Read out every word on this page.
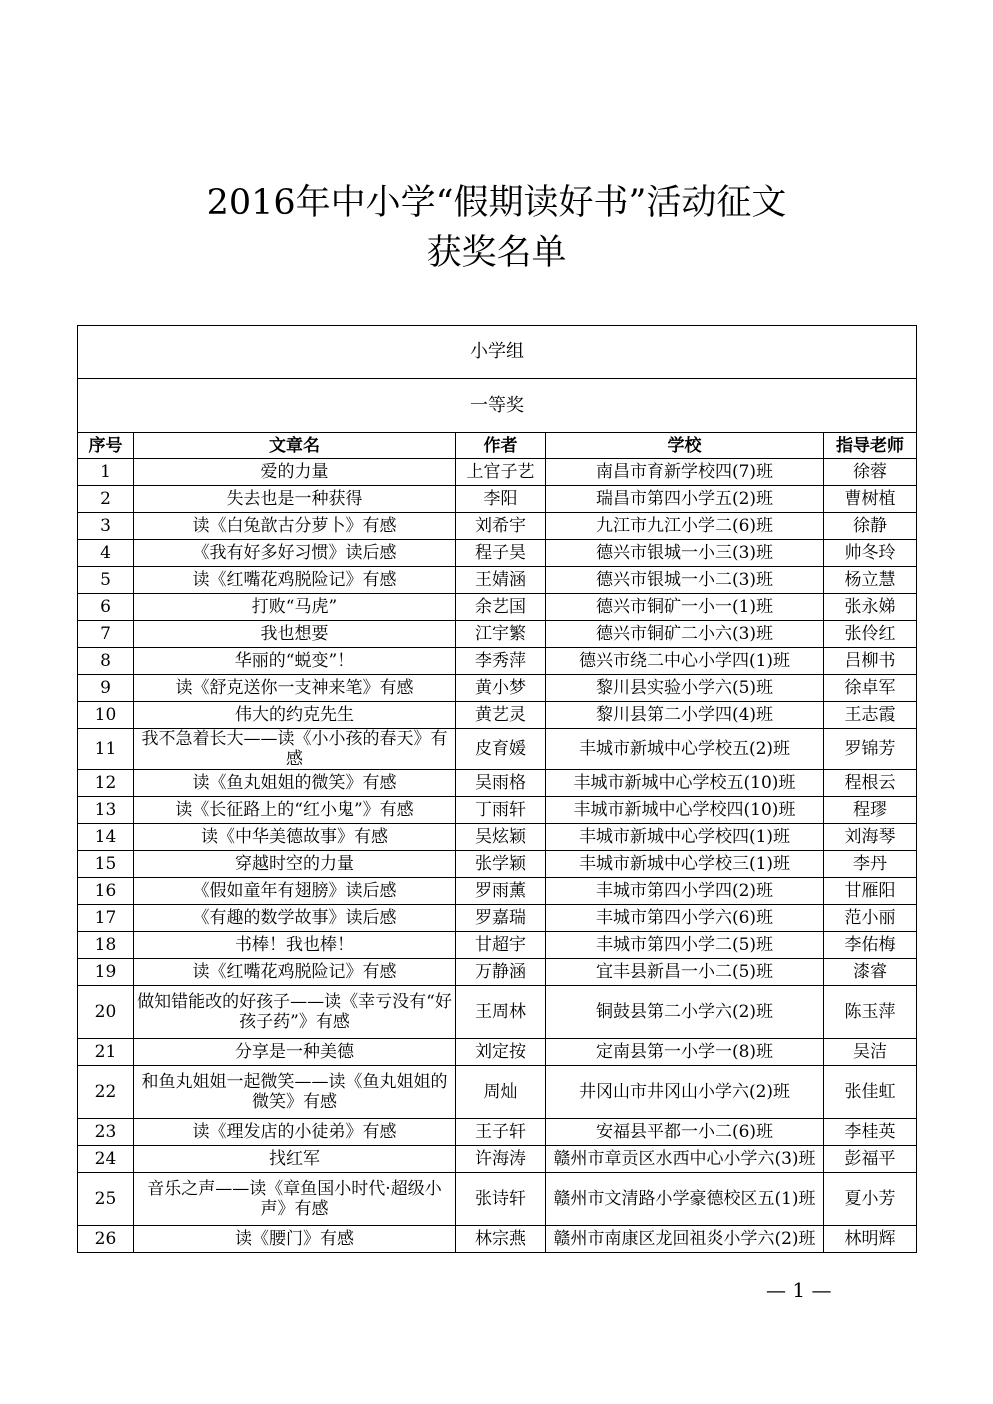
2016年中小学“假期读好书”活动征文
获奖名单
小学组				
一等奖				
序号	文章名	作者	学校	指导老师
1	爱的力量	上官子艺	南昌市育新学校四(7)班	徐蓉
2	失去也是一种获得	李阳	瑞昌市第四小学五(2)班	曹树植
3	读《白兔歆古分萝卜》有感	刘希宇	九江市九江小学二(6)班	徐静
4	《我有好多好习惯》读后感	程子昊	德兴市银城一小三(3)班	帅冬玲
5	读《红嘴花鸡脱险记》有感	王婧涵	德兴市银城一小二(3)班	杨立慧
6	打败“马虎”	余艺国	德兴市铜矿一小一(1)班	张永娣
7	我也想要	江宇繁	德兴市铜矿二小六(3)班	张伶红
8	华丽的“蜕变”！	李秀萍	德兴市绕二中心小学四(1)班	吕柳书
9	读《舒克送你一支神来笔》有感	黄小梦	黎川县实验小学六(5)班	徐卓军
10	伟大的约克先生	黄艺灵	黎川县第二小学四(4)班	王志霞
11	我不急着长大——读《小小孩的春天》有感	皮育媛	丰城市新城中心学校五(2)班	罗锦芳
12	读《鱼丸姐姐的微笑》有感	吴雨格	丰城市新城中心学校五(10)班	程根云
13	读《长征路上的“红小鬼”》有感	丁雨轩	丰城市新城中心学校四(10)班	程璆
14	读《中华美德故事》有感	吴炫颖	丰城市新城中心学校四(1)班	刘海琴
15	穿越时空的力量	张学颖	丰城市新城中心学校三(1)班	李丹
16	《假如童年有翅膀》读后感	罗雨薰	丰城市第四小学四(2)班	甘雁阳
17	《有趣的数学故事》读后感	罗嘉瑞	丰城市第四小学六(6)班	范小丽
18	书棒！我也棒！	甘超宇	丰城市第四小学二(5)班	李佑梅
19	读《红嘴花鸡脱险记》有感	万静涵	宜丰县新昌一小二(5)班	漆睿
20	做知错能改的好孩子——读《幸亏没有“好孩子药”》有感	王周林	铜鼓县第二小学六(2)班	陈玉萍
21	分享是一种美德	刘定按	定南县第一小学一(8)班	吴洁
22	和鱼丸姐姐一起微笑——读《鱼丸姐姐的微笑》有感	周灿	井冈山市井冈山小学六(2)班	张佳虹
23	读《理发店的小徒弟》有感	王子轩	安福县平都一小二(6)班	李桂英
24	找红军	许海涛	赣州市章贡区水西中心小学六(3)班	彭福平
25	音乐之声——读《章鱼国小时代·超级小声》有感	张诗轩	赣州市文清路小学豪德校区五(1)班	夏小芳
26	读《腰门》有感	林宗燕	赣州市南康区龙回祖炎小学六(2)班	林明辉
— 1 —
